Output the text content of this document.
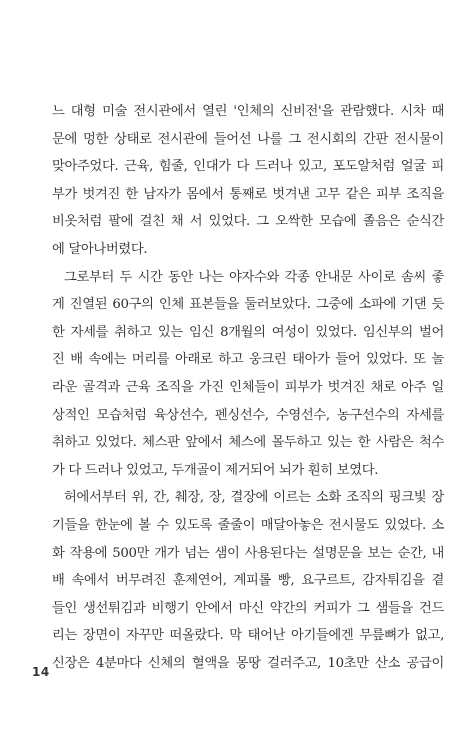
느 대형 미술 전시관에서 열린 '인체의 신비전'을 관람했다. 시차 때
문에 멍한 상태로 전시관에 들어선 나를 그 전시회의 간판 전시물이
맞아주었다. 근육, 힘줄, 인대가 다 드러나 있고, 포도알처럼 얼굴 피
부가 벗겨진 한 남자가 몸에서 통째로 벗겨낸 고무 같은 피부 조직을
비옷처럼 팔에 걸친 채 서 있었다. 그 오싹한 모습에 졸음은 순식간
에 달아나버렸다.

그로부터 두 시간 동안 나는 야자수와 각종 안내문 사이로 솜씨 좋
게 진열된 60구의 인체 표본들을 둘러보았다. 그중에 소파에 기댄 듯
한 자세를 취하고 있는 임신 8개월의 여성이 있었다. 임신부의 벌어
진 배 속에는 머리를 아래로 하고 웅크린 태아가 들어 있었다. 또 놀
라운 골격과 근육 조직을 가진 인체들이 피부가 벗겨진 채로 아주 일
상적인 모습처럼 육상선수, 펜싱선수, 수영선수, 농구선수의 자세를
취하고 있었다. 체스판 앞에서 체스에 몰두하고 있는 한 사람은 척수
가 다 드러나 있었고, 두개골이 제거되어 뇌가 훤히 보였다.

허에서부터 위, 간, 췌장, 장, 결장에 이르는 소화 조직의 핑크빛 장
기들을 한눈에 볼 수 있도록 줄줄이 매달아놓은 전시물도 있었다. 소
화 작용에 500만 개가 넘는 샘이 사용된다는 설명문을 보는 순간, 내
배 속에서 버무려진 훈제연어, 계피롤 빵, 요구르트, 감자튀김을 곁
들인 생선튀김과 비행기 안에서 마신 약간의 커피가 그 샘들을 건드
리는 장면이 자꾸만 떠올랐다. 막 태어난 아기들에겐 무릎뼈가 없고,
신장은 4분마다 신체의 혈액을 몽땅 걸러주고, 10초만 산소 공급이

14
